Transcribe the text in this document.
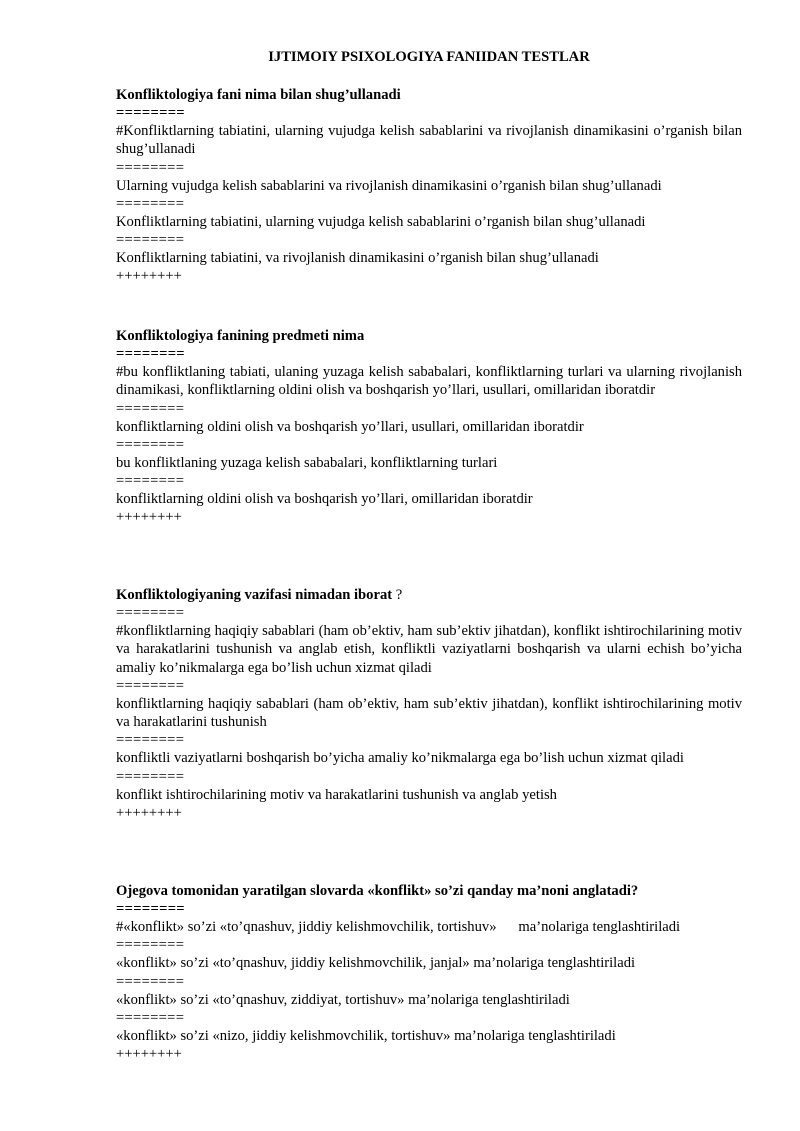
IJTIMOIY PSIXOLOGIYA FANIIDAN TESTLAR
Konfliktologiya fani nima bilan shug’ullanadi
========
#Konfliktlarning tabiatini, ularning vujudga kelish sabablarini va rivojlanish dinamikasini o’rganish bilan shug’ullanadi
========
Ularning vujudga kelish sabablarini va rivojlanish dinamikasini o’rganish bilan shug’ullanadi
========
Konfliktlarning tabiatini, ularning vujudga kelish sabablarini o’rganish bilan shug’ullanadi
========
Konfliktlarning tabiatini, va rivojlanish dinamikasini o’rganish bilan shug’ullanadi
++++++++
Konfliktologiya fanining predmeti nima
========
#bu konfliktlaning tabiati, ulaning yuzaga kelish sababalari, konfliktlarning turlari va ularning rivojlanish dinamikasi, konfliktlarning oldini olish va boshqarish yo’llari, usullari, omillaridan iboratdir
========
konfliktlarning oldini olish va boshqarish yo’llari, usullari, omillaridan iboratdir
========
bu konfliktlaning yuzaga kelish sababalari, konfliktlarning turlari
========
konfliktlarning oldini olish va boshqarish yo’llari, omillaridan iboratdir
++++++++
Konfliktologiyaning vazifasi nimadan iborat ?
========
#konfliktlarning haqiqiy sabablari (ham ob’ektiv, ham sub’ektiv jihatdan), konflikt ishtirochilarining motiv va harakatlarini tushunish va anglab etish, konfliktli vaziyatlarni boshqarish va ularni echish bo’yicha amaliy ko’nikmalarga ega bo’lish uchun xizmat qiladi
========
konfliktlarning haqiqiy sabablari (ham ob’ektiv, ham sub’ektiv jihatdan), konflikt ishtirochilarining motiv va harakatlarini tushunish
========
konfliktli vaziyatlarni boshqarish bo’yicha amaliy ko’nikmalarga ega bo’lish uchun xizmat qiladi
========
konflikt ishtirochilarining motiv va harakatlarini tushunish va anglab yetish
++++++++
Ojegova tomonidan yaratilgan slovarda «konflikt» so’zi qanday ma’noni anglatadi?
========
#«konflikt» so’zi «to’qnashuv, jiddiy kelishmovchilik, tortishuv»      ma’nolariga tenglashtiriladi
========
«konflikt» so’zi «to’qnashuv, jiddiy kelishmovchilik, janjal» ma’nolariga tenglashtiriladi
========
«konflikt» so’zi «to’qnashuv, ziddiyat, tortishuv» ma’nolariga tenglashtiriladi
========
«konflikt» so’zi «nizo, jiddiy kelishmovchilik, tortishuv» ma’nolariga tenglashtiriladi
++++++++
